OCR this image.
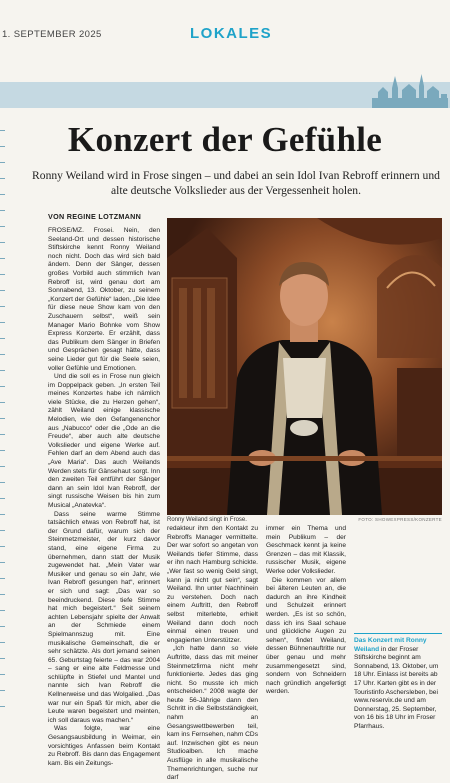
1. SEPTEMBER 2025	LOKALES
Konzert der Gefühle

Ronny Weiland wird in Frose singen – und dabei an sein Idol Ivan Rebroff erinnern und alte deutsche Volkslieder aus der Vergessenheit holen.

VON REGINE LOTZMANN

FROSE/MZ. Frosei. Nein, den Seeland-Ort und dessen historische Stiftskirche kennt Ronny Weiland noch nicht. Doch das wird sich bald ändern. Denn der Sänger, dessen großes Vorbild auch stimmlich Ivan Rebroff ist, wird genau dort am Sonnabend, 13. Oktober, zu seinem „Konzert der Gefühle“ laden. „Die Idee für diese neue Show kam von den Zuschauern selbst“, weiß sein Manager Mario Bohnke vom Show Express Konzerte. Er erzählt, dass das Publikum dem Sänger in Briefen und Gesprächen gesagt hätte, dass seine Lieder gut für die Seele seien, voller Gefühle und Emotionen.

Und die soll es in Frose nun gleich im Doppelpack geben. „In ersten Teil meines Konzertes habe ich nämlich viele Stücke, die zu Herzen gehen“, zählt Weiland einige klassische Melodien, wie den Gefangenenchor aus „Nabucco“ oder die „Ode an die Freude“, aber auch alte deutsche Volkslieder und eigene Werke auf. Fehlen darf an dem Abend auch das „Ave Maria“. Das auch Weilands Werden stets für Gänsehaut sorgt. Inn den zweiten Teil entführt der Sänger dann an sein Idol Ivan Rebroff, der singt russische Weisen bis hin zum Musical „Anatevka“.

Dass seine warme Stimme tatsächlich etwas von Rebroff hat, ist der Grund dafür, warum sich der Steinmetzmeister, der kurz davor stand, eine eigene Firma zu übernehmen, dann statt der Musik zugewendet hat. „Mein Vater war Musiker und genau so ein Jahr, wie Ivan Rebroff gesungen hat“, erinnert er sich und sagt: „Das war so beeindruckend. Diese tiefe Stimme hat mich begeistert.“ Seit seinem achten Lebensjahr spielte der Anwalt an der Schmiede einem Spielmannszug mit. Eine musikalische Gemeinschaft, die er sehr schätzte. Als dort jemand seinen 65. Geburtstag feierte – das war 2004 – sang er eine alte Feldmesse und schlüpfte in Stiefel und Mantel und nannte sich Ivan Rebroff die Kellnerweise und das Wolgalied. „Das war nur ein Spaß für mich, aber die Leute waren begeistert und meinten, ich soll daraus was machen.“

Was folgte, war eine Gesangsausbildung in Weimar, ein vorsichtiges Anfassen beim Kontakt zu Rebroff. Bis dann das Engagement kam. Bis ein Zeitungs-

Ronny Weiland singt in Frose.	FOTO: SHOWEXPRESS/KONZERTE

redakteur ihm den Kontakt zu Rebroffs Manager vermittelte. Der war sofort so angetan von Weilands tiefer Stimme, dass er ihn nach Hamburg schickte. „Wer fast so wenig Geld singt, kann ja nicht gut sein“, sagt Weiland. Ihn unter Nachhinein zu verstehen. Doch nach einem Auftritt, den Rebroff selbst miterlebte, erhielt Weiland dann doch noch einmal einen treuen und engagierten Unterstützer.

„Ich hatte dann so viele Auftritte, dass das mit meiner Steinmetzfirma nicht mehr funktionierte. Jedes das ging nicht. So musste ich mich entscheiden.“ 2008 wagte der heute 56-Jährige dann den Schritt in die Selbstständigkeit, nahm an Gesangswettbewerben teil, kam ins Fernsehen, nahm CDs auf. Inzwischen gibt es neun Studioalben. Ich mache Ausflüge in alle musikalische Themenrichtungen, suche nur darf

immer ein Thema und mein Publikum – der Geschmack kennt ja keine Grenzen – das mit Klassik, russischer Musik, eigene Werke oder Volkslieder.

Die kommen vor allem bei älteren Leuten an, die dadurch an ihre Kindheit und Schulzeit erinnert werden. „Es ist so schön, dass ich ins Saal schaue und glückliche Augen zu sehen“, findet Weiland, dessen Bühnenauftritte nur über genau und mehr zusammengesetzt sind, sondern von Schneidern nach gründlich angefertigt werden.

Das Konzert mit Ronny Weiland in der Froser Stiftskirche beginnt am Sonnabend, 13. Oktober, um 18 Uhr. Einlass ist bereits ab 17 Uhr. Karten gibt es in der Touristinfo Aschersleben, bei www.reservix.de und am Donnerstag, 25. September, von 16 bis 18 Uhr im Froser Pfarrhaus.
